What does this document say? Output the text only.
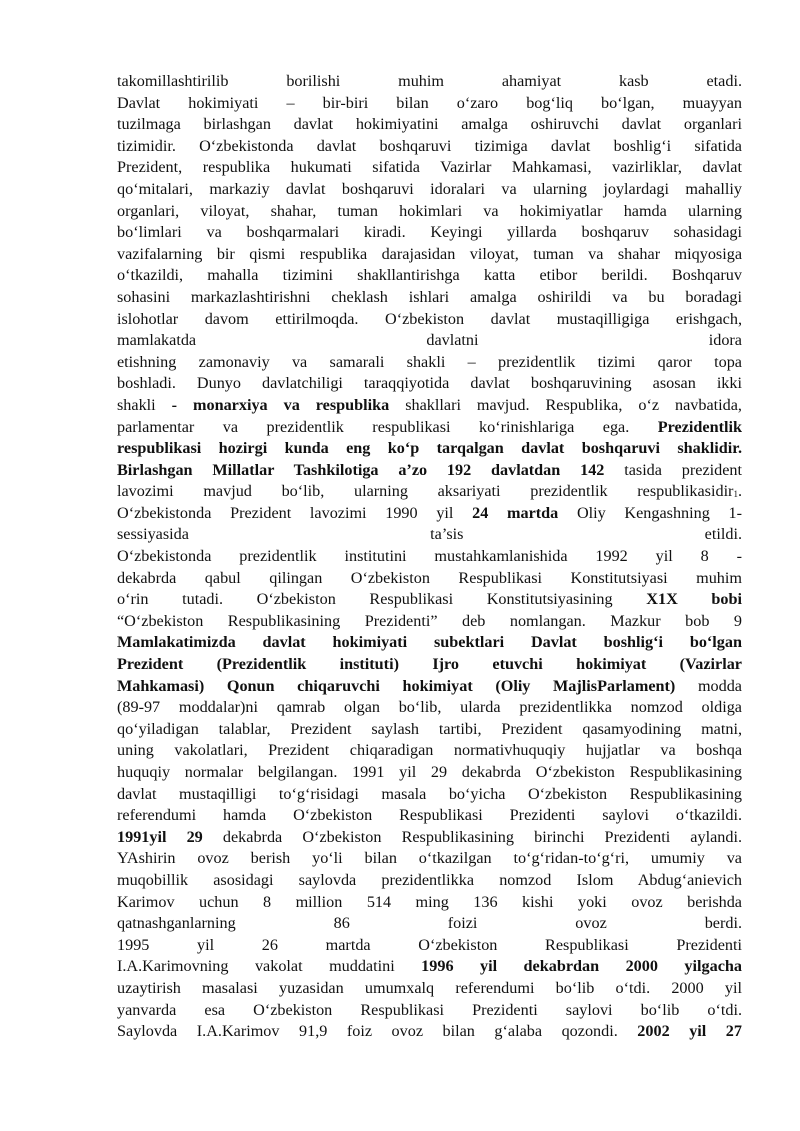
takomillashtirilib borilishi muhim ahamiyat kasb etadi.
Davlat hokimiyati – bir-biri bilan o‘zaro bog‘liq bo‘lgan, muayyan
tuzilmaga birlashgan davlat hokimiyatini amalga oshiruvchi davlat organlari
tizimidir. O‘zbekistonda davlat boshqaruvi tizimiga davlat boshlig‘i sifatida
Prezident, respublika hukumati sifatida Vazirlar Mahkamasi, vazirliklar, davlat
qo‘mitalari, markaziy davlat boshqaruvi idoralari va ularning joylardagi mahalliy
organlari, viloyat, shahar, tuman hokimlari va hokimiyatlar hamda ularning
bo‘limlari va boshqarmalari kiradi. Keyingi yillarda boshqaruv sohasidagi
vazifalarning bir qismi respublika darajasidan viloyat, tuman va shahar miqyosiga
o‘tkazildi, mahalla tizimini shakllantirishga katta etibor berildi. Boshqaruv
sohasini markazlashtirishni cheklash ishlari amalga oshirildi va bu boradagi
islohotlar davom ettirilmoqda. O‘zbekiston davlat mustaqilligiga erishgach,
mamlakatda davlatni idora
etishning zamonaviy va samarali shakli – prezidentlik tizimi qaror topa
boshladi. Dunyo davlatchiligi taraqqiyotida davlat boshqaruvining asosan ikki
shakli - monarxiya va respublika shakllari mavjud. Respublika, o‘z navbatida,
parlamentar va prezidentlik respublikasi ko‘rinishlariga ega. Prezidentlik
respublikasi hozirgi kunda eng ko‘p tarqalgan davlat boshqaruvi shaklidir.
Birlashgan Millatlar Tashkilotiga a’zo 192 davlatdan 142 tasida prezident
lavozimi mavjud bo‘lib, ularning aksariyati prezidentlik respublikasidir$_1$.
O‘zbekistonda Prezident lavozimi 1990 yil 24 martda Oliy Kengashning 1-
sessiyasida ta’sis etildi.
O‘zbekistonda prezidentlik institutini mustahkamlanishida 1992 yil 8 -
dekabrda qabul qilingan O‘zbekiston Respublikasi Konstitutsiyasi muhim
o‘rin tutadi. O‘zbekiston Respublikasi Konstitutsiyasining X1X bobi
“O‘zbekiston Respublikasining Prezidenti” deb nomlangan. Mazkur bob 9
Mamlakatimizda davlat hokimiyati subektlari Davlat boshlig‘i bo‘lgan
Prezident (Prezidentlik instituti) Ijro etuvchi hokimiyat (Vazirlar
Mahkamasi) Qonun chiqaruvchi hokimiyat (Oliy MajlisParlament) modda
(89-97 moddalar)ni qamrab olgan bo‘lib, ularda prezidentlikka nomzod oldiga
qo‘yiladigan talablar, Prezident saylash tartibi, Prezident qasamyodining matni,
uning vakolatlari, Prezident chiqaradigan normativhuquqiy hujjatlar va boshqa
huquqiy normalar belgilangan. 1991 yil 29 dekabrda O‘zbekiston Respublikasining
davlat mustaqilligi to‘g‘risidagi masala bo‘yicha O‘zbekiston Respublikasining
referendumi hamda O‘zbekiston Respublikasi Prezidenti saylovi o‘tkazildi.
1991yil 29 dekabrda O‘zbekiston Respublikasining birinchi Prezidenti aylandi.
YAshirin ovoz berish yo‘li bilan o‘tkazilgan to‘g‘ridan-to‘g‘ri, umumiy va
muqobillik asosidagi saylovda prezidentlikka nomzod Islom Abdug‘anievich
Karimov uchun 8 million 514 ming 136 kishi yoki ovoz berishda
qatnashganlarning 86 foizi ovoz berdi.
1995 yil 26 martda O‘zbekiston Respublikasi Prezidenti
I.A.Karimovning vakolat muddatini 1996 yil dekabrdan 2000 yilgacha
uzaytirish masalasi yuzasidan umumxalq referendumi bo‘lib o‘tdi. 2000 yil
yanvarda esa O‘zbekiston Respublikasi Prezidenti saylovi bo‘lib o‘tdi.
Saylovda I.A.Karimov 91,9 foiz ovoz bilan g‘alaba qozondi. 2002 yil 27
